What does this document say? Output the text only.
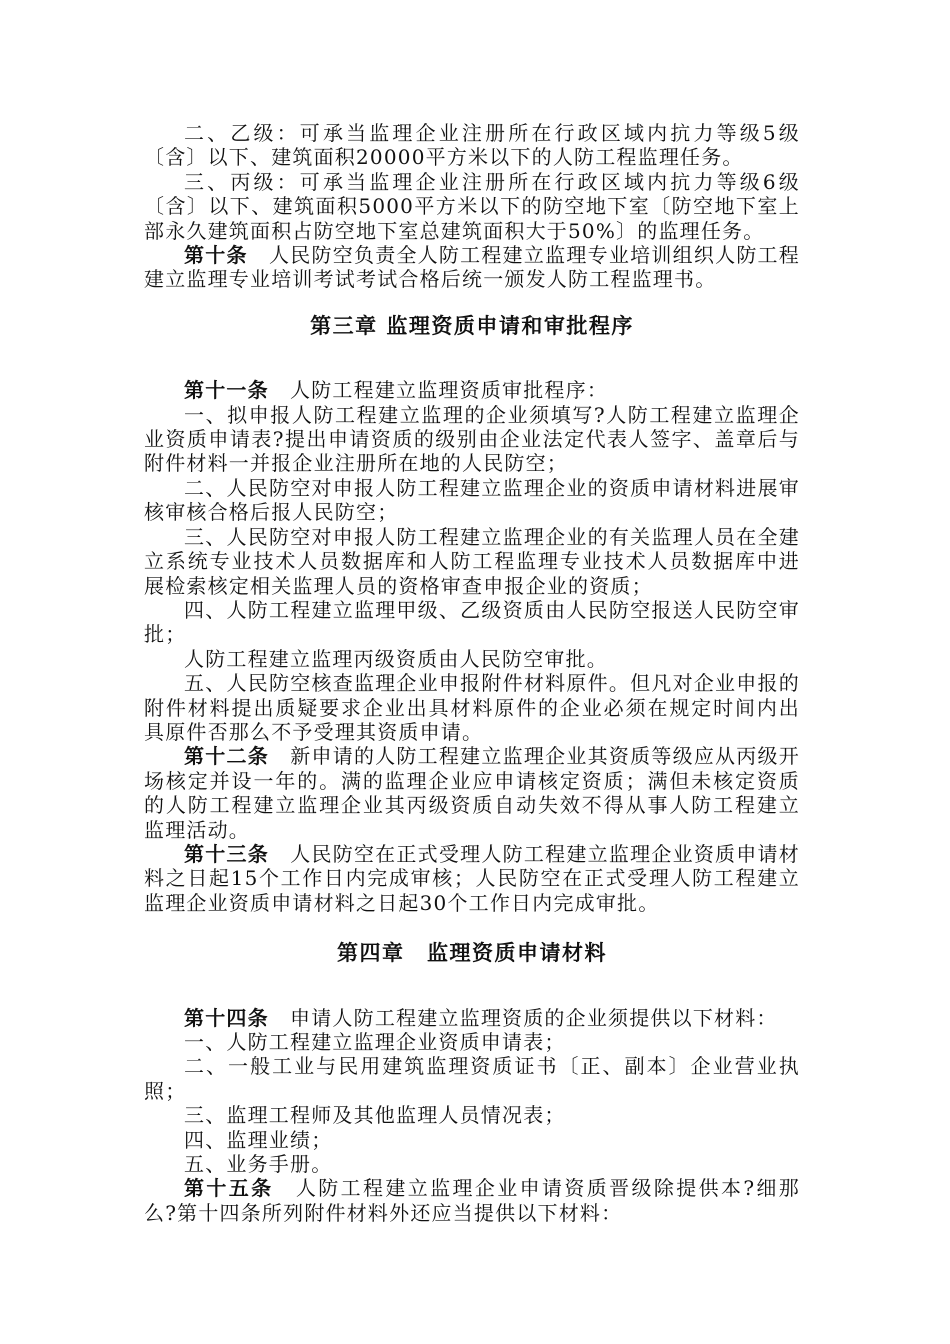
二、乙级：可承当监理企业注册所在行政区域内抗力等级5级〔含〕以下、建筑面积20000平方米以下的人防工程监理任务。

三、丙级：可承当监理企业注册所在行政区域内抗力等级6级〔含〕以下、建筑面积5000平方米以下的防空地下室〔防空地下室上部永久建筑面积占防空地下室总建筑面积大于50%〕的监理任务。

第十条　 人民防空负责全人防工程建立监理专业培训组织人防工程建立监理专业培训考试考试合格后统一颁发人防工程监理书。

第三章 监理资质申请和审批程序

第十一条　 人防工程建立监理资质审批程序：

一、拟申报人防工程建立监理的企业须填写?人防工程建立监理企业资质申请表?提出申请资质的级别由企业法定代表人签字、盖章后与附件材料一并报企业注册所在地的人民防空；

二、人民防空对申报人防工程建立监理企业的资质申请材料进展审核审核合格后报人民防空；

三、人民防空对申报人防工程建立监理企业的有关监理人员在全建立系统专业技术人员数据库和人防工程监理专业技术人员数据库中进展检索核定相关监理人员的资格审查申报企业的资质；

四、人防工程建立监理甲级、乙级资质由人民防空报送人民防空审批；

人防工程建立监理丙级资质由人民防空审批。

五、人民防空核查监理企业申报附件材料原件。但凡对企业申报的附件材料提出质疑要求企业出具材料原件的企业必须在规定时间内出具原件否那么不予受理其资质申请。

第十二条　 新申请的人防工程建立监理企业其资质等级应从丙级开场核定并设一年的。满的监理企业应申请核定资质；满但未核定资质的人防工程建立监理企业其丙级资质自动失效不得从事人防工程建立监理活动。

第十三条　 人民防空在正式受理人防工程建立监理企业资质申请材料之日起15个工作日内完成审核；人民防空在正式受理人防工程建立监理企业资质申请材料之日起30个工作日内完成审批。

第四章　监理资质申请材料

第十四条　 申请人防工程建立监理资质的企业须提供以下材料：

一、人防工程建立监理企业资质申请表；

二、一般工业与民用建筑监理资质证书〔正、副本〕企业营业执照；

三、监理工程师及其他监理人员情况表；

四、监理业绩；

五、业务手册。

第十五条　 人防工程建立监理企业申请资质晋级除提供本?细那么?第十四条所列附件材料外还应当提供以下材料：
